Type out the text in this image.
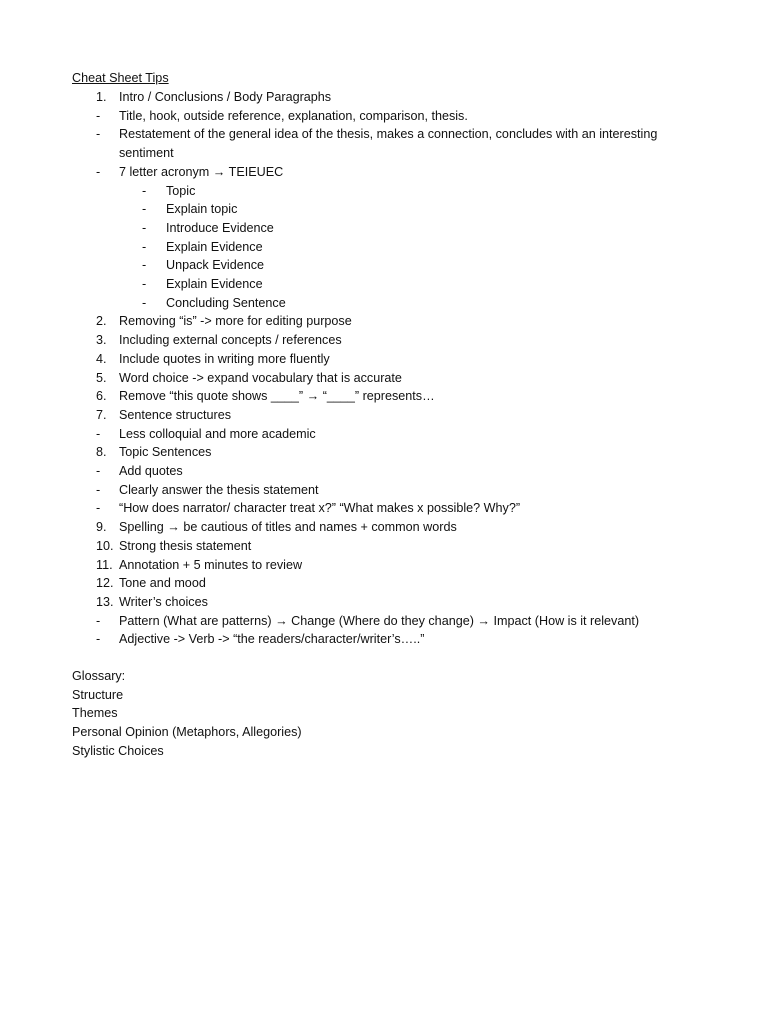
Cheat Sheet Tips
1. Intro / Conclusions / Body Paragraphs
- Title, hook, outside reference, explanation, comparison, thesis.
- Restatement of the general idea of the thesis, makes a connection, concludes with an interesting sentiment
- 7 letter acronym → TEIEUEC
- Topic
- Explain topic
- Introduce Evidence
- Explain Evidence
- Unpack Evidence
- Explain Evidence
- Concluding Sentence
2. Removing “is” -> more for editing purpose
3. Including external concepts / references
4. Include quotes in writing more fluently
5. Word choice -> expand vocabulary that is accurate
6. Remove “this quote shows ____” → “____” represents…
7. Sentence structures
- Less colloquial and more academic
8. Topic Sentences
- Add quotes
- Clearly answer the thesis statement
- “How does narrator/ character treat x?” “What makes x possible? Why?”
9. Spelling → be cautious of titles and names + common words
10. Strong thesis statement
11. Annotation + 5 minutes to review
12. Tone and mood
13. Writer’s choices
- Pattern (What are patterns) → Change (Where do they change) → Impact (How is it relevant)
- Adjective -> Verb -> “the readers/character/writer’s…..”
Glossary:
Structure
Themes
Personal Opinion (Metaphors, Allegories)
Stylistic Choices
